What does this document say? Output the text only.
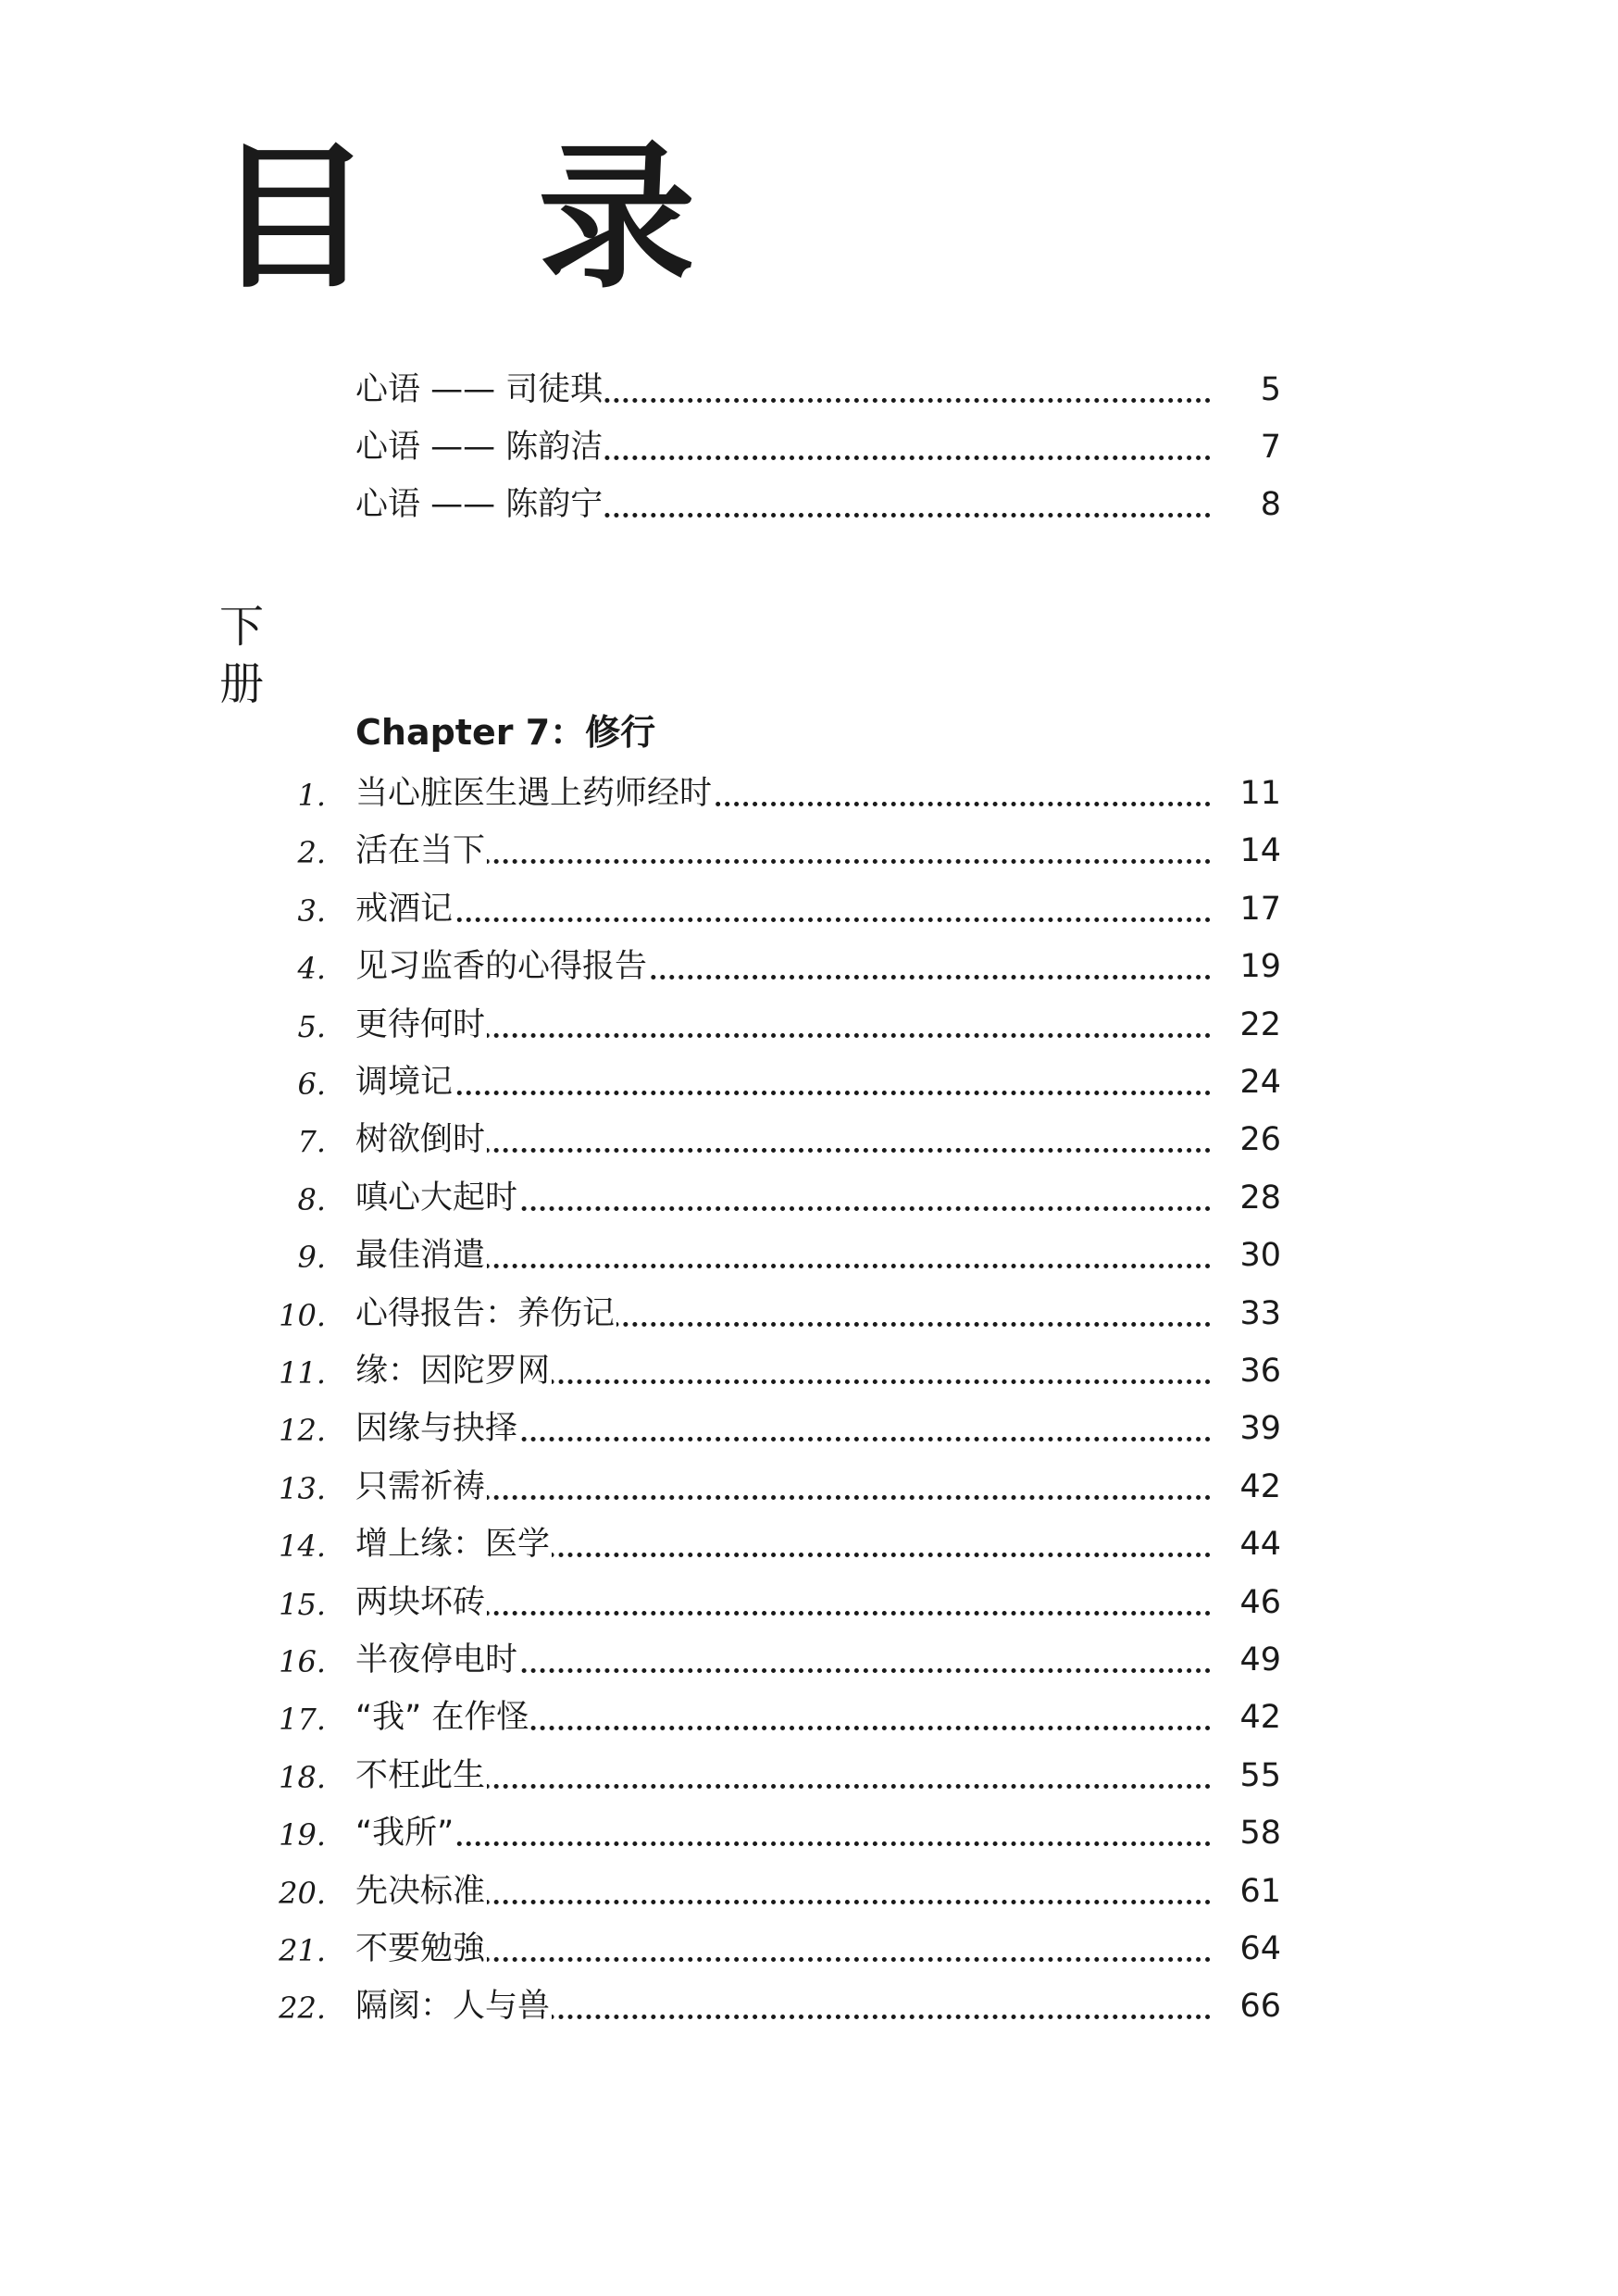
目 录
心语 —— 司徒琪	5
心语 —— 陈韵洁	7
心语 —— 陈韵宁	8
下
册
Chapter 7：修行
1. 当心脏医生遇上药师经时	11
2. 活在当下	14
3. 戒酒记	17
4. 见习监香的心得报告	19
5. 更待何时	22
6. 调境记	24
7. 树欲倒时	26
8. 嗔心大起时	28
9. 最佳消遣	30
10. 心得报告：养伤记	33
11. 缘：因陀罗网	36
12. 因缘与抉择	39
13. 只需祈祷	42
14. 增上缘：医学	44
15. 两块坏砖	46
16. 半夜停电时	49
17. “我” 在作怪	42
18. 不枉此生	55
19. “我所”	58
20. 先决标准	61
21. 不要勉強	64
22. 隔阂：人与兽	66
